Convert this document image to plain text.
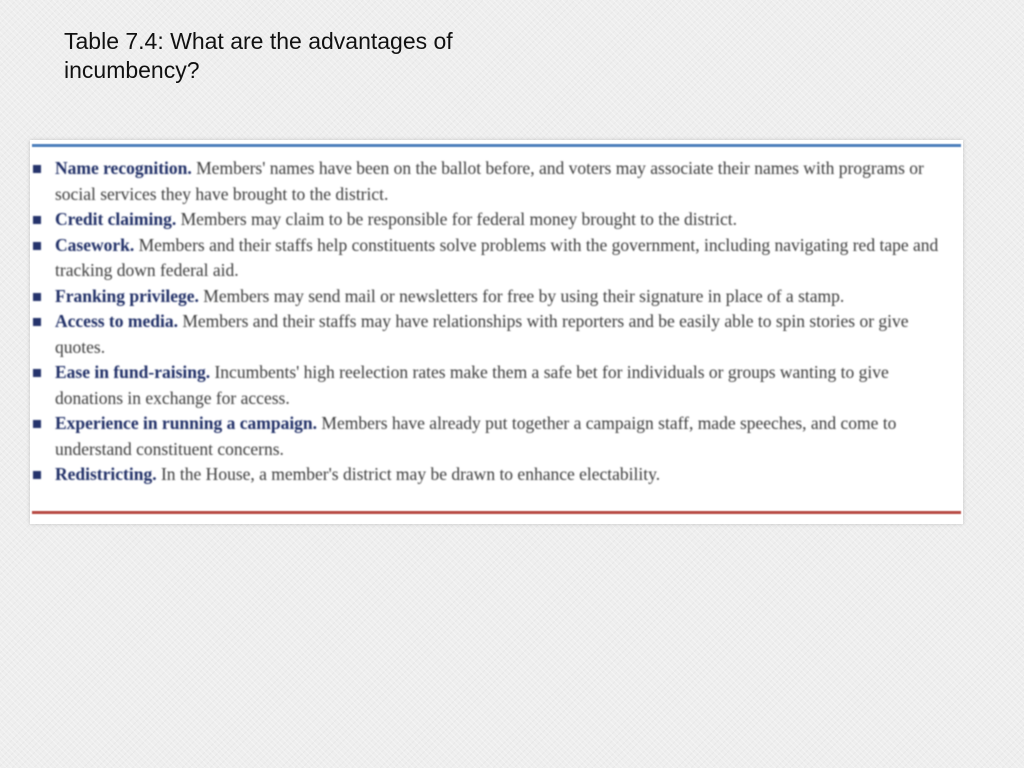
Table 7.4: What are the advantages of incumbency?
Name recognition. Members' names have been on the ballot before, and voters may associate their names with programs or social services they have brought to the district.
Credit claiming. Members may claim to be responsible for federal money brought to the district.
Casework. Members and their staffs help constituents solve problems with the government, including navigating red tape and tracking down federal aid.
Franking privilege. Members may send mail or newsletters for free by using their signature in place of a stamp.
Access to media. Members and their staffs may have relationships with reporters and be easily able to spin stories or give quotes.
Ease in fund-raising. Incumbents' high reelection rates make them a safe bet for individuals or groups wanting to give donations in exchange for access.
Experience in running a campaign. Members have already put together a campaign staff, made speeches, and come to understand constituent concerns.
Redistricting. In the House, a member's district may be drawn to enhance electability.
